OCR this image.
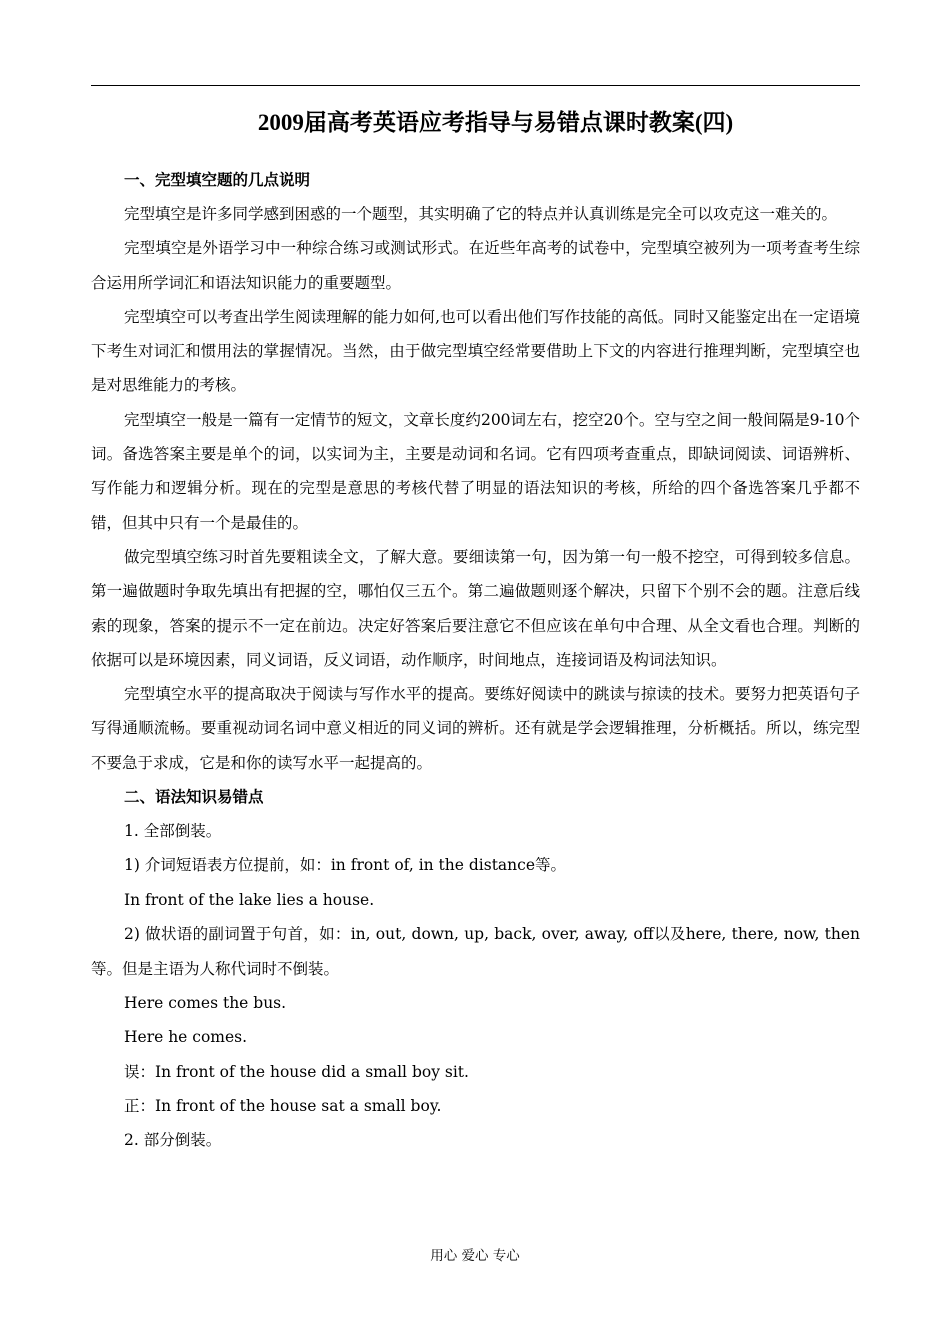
2009届高考英语应考指导与易错点课时教案(四)

一、完型填空题的几点说明

完型填空是许多同学感到困惑的一个题型，其实明确了它的特点并认真训练是完全可以攻克这一难关的。

完型填空是外语学习中一种综合练习或测试形式。在近些年高考的试卷中，完型填空被列为一项考查考生综合运用所学词汇和语法知识能力的重要题型。

完型填空可以考查出学生阅读理解的能力如何,也可以看出他们写作技能的高低。同时又能鉴定出在一定语境下考生对词汇和惯用法的掌握情况。当然，由于做完型填空经常要借助上下文的内容进行推理判断，完型填空也是对思维能力的考核。

完型填空一般是一篇有一定情节的短文，文章长度约200词左右，挖空20个。空与空之间一般间隔是9-10个词。备选答案主要是单个的词，以实词为主，主要是动词和名词。它有四项考查重点，即缺词阅读、词语辨析、写作能力和逻辑分析。现在的完型是意思的考核代替了明显的语法知识的考核，所给的四个备选答案几乎都不错，但其中只有一个是最佳的。

做完型填空练习时首先要粗读全文，了解大意。要细读第一句，因为第一句一般不挖空，可得到较多信息。第一遍做题时争取先填出有把握的空，哪怕仅三五个。第二遍做题则逐个解决，只留下个别不会的题。注意后线索的现象，答案的提示不一定在前边。决定好答案后要注意它不但应该在单句中合理、从全文看也合理。判断的依据可以是环境因素，同义词语，反义词语，动作顺序，时间地点，连接词语及构词法知识。

完型填空水平的提高取决于阅读与写作水平的提高。要练好阅读中的跳读与掠读的技术。要努力把英语句子写得通顺流畅。要重视动词名词中意义相近的同义词的辨析。还有就是学会逻辑推理，分析概括。所以，练完型不要急于求成，它是和你的读写水平一起提高的。

二、语法知识易错点

1. 全部倒装。

1) 介词短语表方位提前，如：in front of, in the distance等。

In front of the lake lies a house.

2) 做状语的副词置于句首，如：in, out, down, up, back, over, away, off以及here, there, now, then等。但是主语为人称代词时不倒装。

Here comes the bus.

Here he comes.

误：In front of the house did a small boy sit.

正：In front of the house sat a small boy.

2. 部分倒装。

用心 爱心 专心
